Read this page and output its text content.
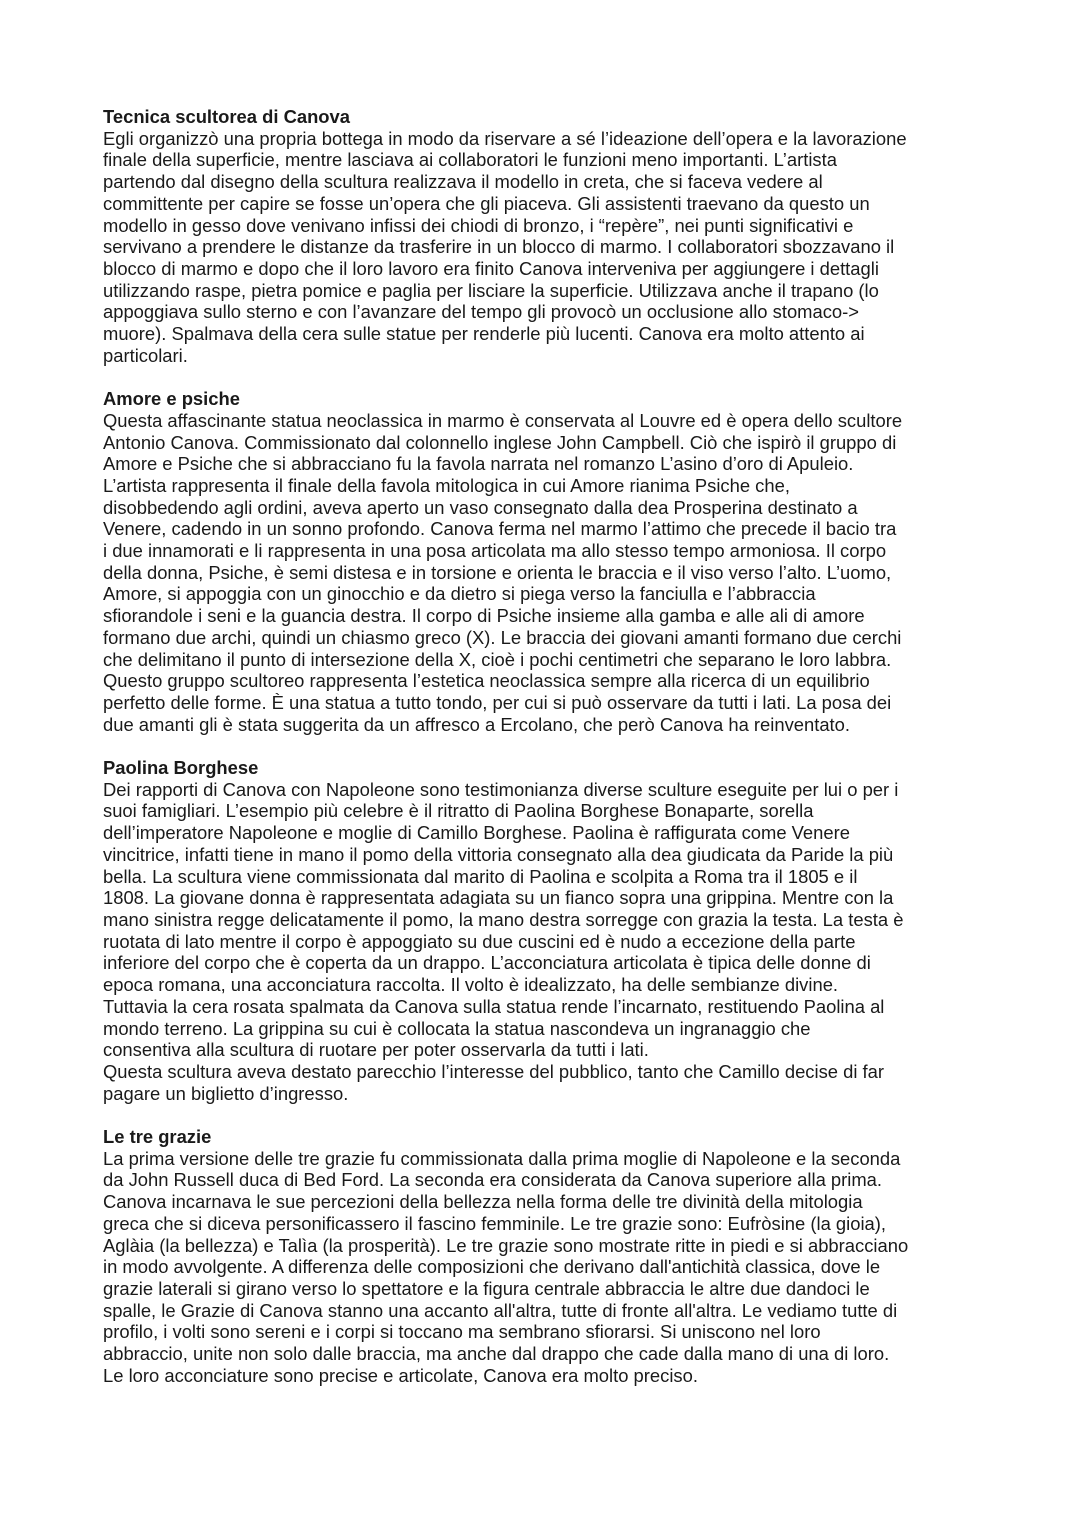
Tecnica scultorea di Canova
Egli organizzò una propria bottega in modo da riservare a sé l’ideazione dell’opera e la lavorazione
finale della superficie, mentre lasciava ai collaboratori le funzioni meno importanti. L’artista
partendo dal disegno della scultura realizzava il modello in creta, che si faceva vedere al
committente per capire se fosse un’opera che gli piaceva. Gli assistenti traevano da questo un
modello in gesso dove venivano infissi dei chiodi di bronzo, i “repère”, nei punti significativi e
servivano a prendere le distanze da trasferire in un blocco di marmo. I collaboratori sbozzavano il
blocco di marmo e dopo che il loro lavoro era finito Canova interveniva per aggiungere i dettagli
utilizzando raspe, pietra pomice e paglia per lisciare la superficie. Utilizzava anche il trapano (lo
appoggiava sullo sterno e con l’avanzare del tempo gli provocò un occlusione allo stomaco->
muore). Spalmava della cera sulle statue per renderle più lucenti. Canova era molto attento ai
particolari.
Amore e psiche
Questa affascinante statua neoclassica in marmo è conservata al Louvre ed è opera dello scultore
Antonio Canova. Commissionato dal colonnello inglese John Campbell. Ciò che ispirò il gruppo di
Amore e Psiche che si abbracciano fu la favola narrata nel romanzo L’asino d’oro di Apuleio.
L’artista rappresenta il finale della favola mitologica in cui Amore rianima Psiche che,
disobbedendo agli ordini, aveva aperto un vaso consegnato dalla dea Prosperina destinato a
Venere, cadendo in un sonno profondo. Canova ferma nel marmo l’attimo che precede il bacio tra
i due innamorati e li rappresenta in una posa articolata ma allo stesso tempo armoniosa. Il corpo
della donna, Psiche, è semi distesa e in torsione e orienta le braccia e il viso verso l’alto. L’uomo,
Amore, si appoggia con un ginocchio e da dietro si piega verso la fanciulla e l’abbraccia
sfiorandole i seni e la guancia destra. Il corpo di Psiche insieme alla gamba e alle ali di amore
formano due archi, quindi un chiasmo greco (X). Le braccia dei giovani amanti formano due cerchi
che delimitano il punto di intersezione della X, cioè i pochi centimetri che separano le loro labbra.
Questo gruppo scultoreo rappresenta l’estetica neoclassica sempre alla ricerca di un equilibrio
perfetto delle forme. È una statua a tutto tondo, per cui si può osservare da tutti i lati. La posa dei
due amanti gli è stata suggerita da un affresco a Ercolano, che però Canova ha reinventato.
Paolina Borghese
Dei rapporti di Canova con Napoleone sono testimonianza diverse sculture eseguite per lui o per i
suoi famigliari. L’esempio più celebre è il ritratto di Paolina Borghese Bonaparte, sorella
dell’imperatore Napoleone e moglie di Camillo Borghese. Paolina è raffigurata come Venere
vincitrice, infatti tiene in mano il pomo della vittoria consegnato alla dea giudicata da Paride la più
bella. La scultura viene commissionata dal marito di Paolina e scolpita a Roma tra il 1805 e il
1808. La giovane donna è rappresentata adagiata su un fianco sopra una grippina. Mentre con la
mano sinistra regge delicatamente il pomo, la mano destra sorregge con grazia la testa. La testa è
ruotata di lato mentre il corpo è appoggiato su due cuscini ed è nudo a eccezione della parte
inferiore del corpo che è coperta da un drappo. L’acconciatura articolata è tipica delle donne di
epoca romana, una acconciatura raccolta. Il volto è idealizzato, ha delle sembianze divine.
Tuttavia la cera rosata spalmata da Canova sulla statua rende l’incarnato, restituendo Paolina al
mondo terreno. La grippina su cui è collocata la statua nascondeva un ingranaggio che
consentiva alla scultura di ruotare per poter osservarla da tutti i lati.
Questa scultura aveva destato parecchio l’interesse del pubblico, tanto che Camillo decise di far
pagare un biglietto d’ingresso.
Le tre grazie
La prima versione delle tre grazie fu commissionata dalla prima moglie di Napoleone e la seconda
da John Russell duca di Bed Ford. La seconda era considerata da Canova superiore alla prima.
Canova incarnava le sue percezioni della bellezza nella forma delle tre divinità della mitologia
greca che si diceva personificassero il fascino femminile. Le tre grazie sono: Eufròsine (la gioia),
Aglàia (la bellezza) e Talìa (la prosperità). Le tre grazie sono mostrate ritte in piedi e si abbracciano
in modo avvolgente. A differenza delle composizioni che derivano dall'antichità classica, dove le
grazie laterali si girano verso lo spettatore e la figura centrale abbraccia le altre due dandoci le
spalle, le Grazie di Canova stanno una accanto all'altra, tutte di fronte all'altra. Le vediamo tutte di
profilo, i volti sono sereni e i corpi si toccano ma sembrano sfiorarsi. Si uniscono nel loro
abbraccio, unite non solo dalle braccia, ma anche dal drappo che cade dalla mano di una di loro.
Le loro acconciature sono precise e articolate, Canova era molto preciso.
